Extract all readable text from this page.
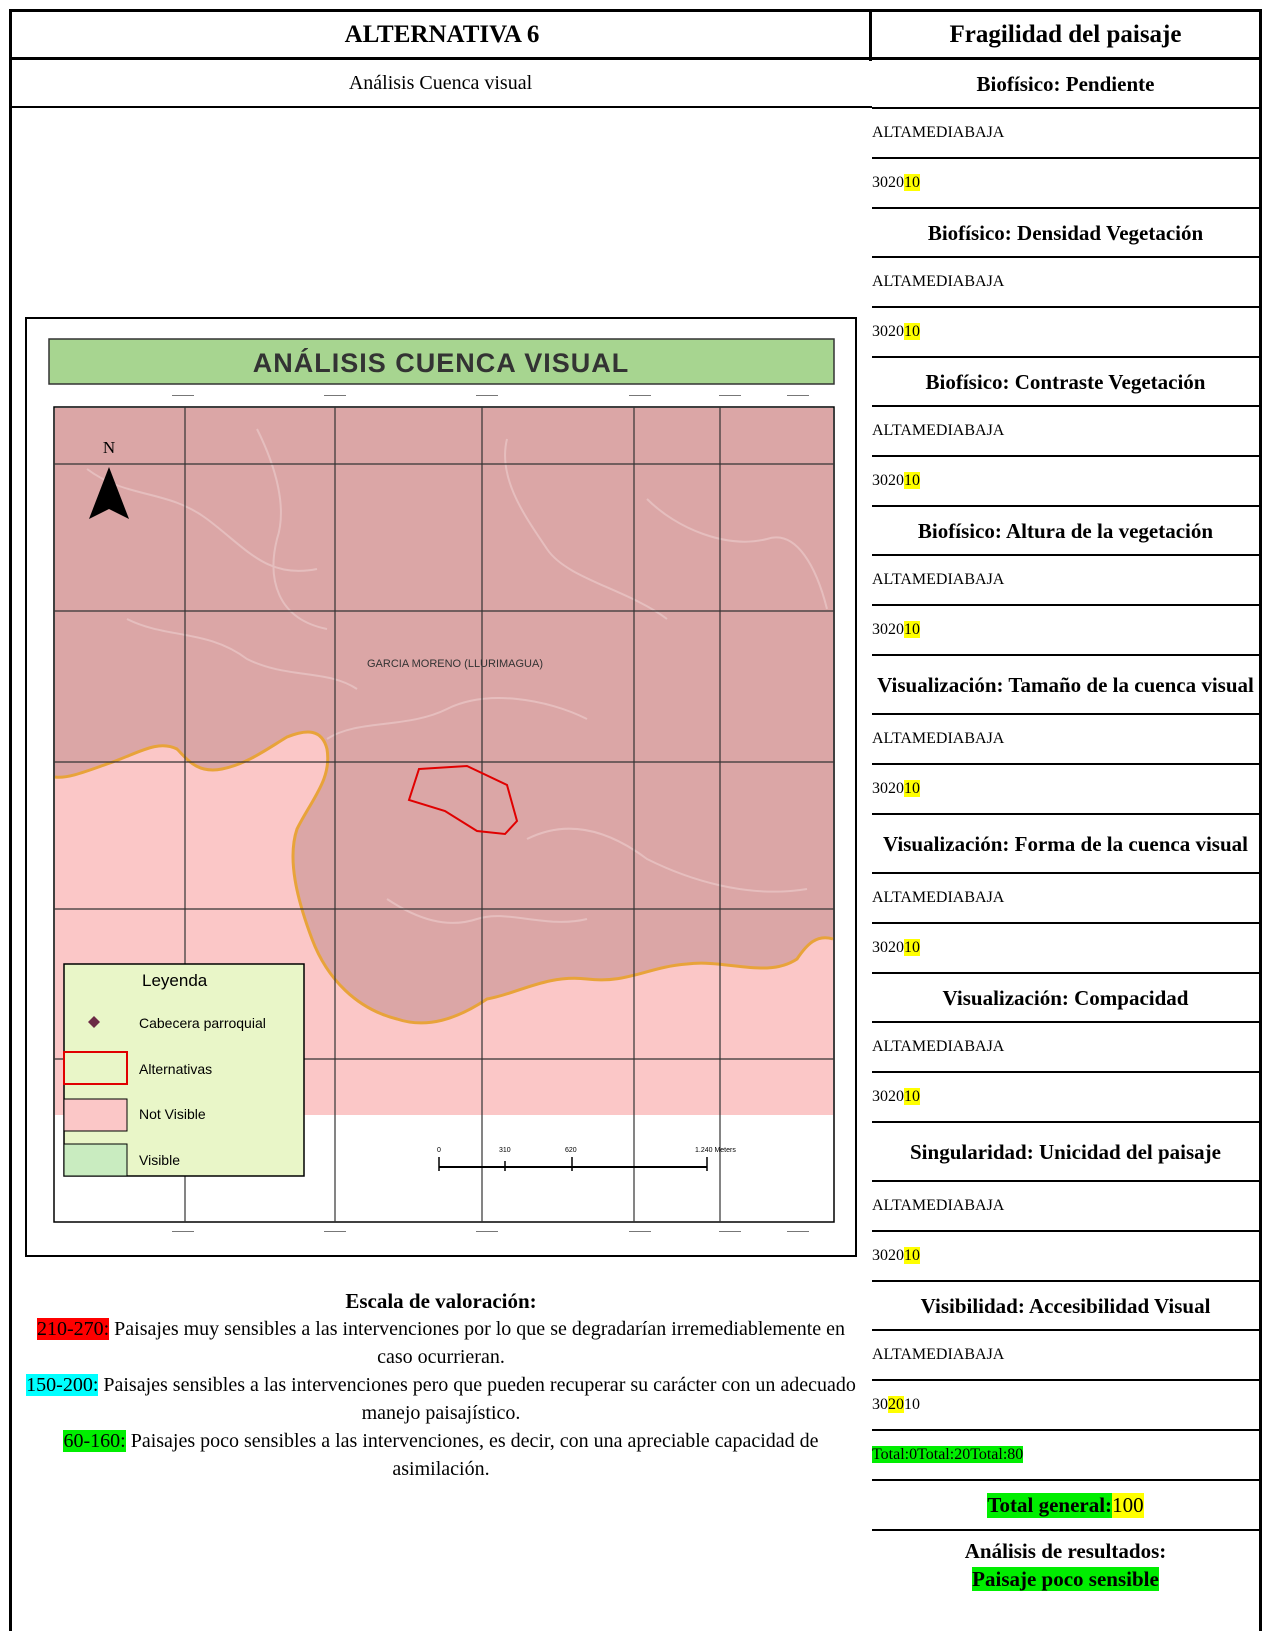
ALTERNATIVA 6	Fragilidad del paisaje
Análisis Cuenca visual	Biofísico: Pendiente
ALTA MEDIA BAJA
30 20 10
Biofísico: Densidad Vegetación
ALTA MEDIA BAJA
30 20 10
Biofísico: Contraste Vegetación
ALTA MEDIA BAJA
30 20 10
Biofísico: Altura de la vegetación
ALTA MEDIA BAJA
30 20 10
Visualización: Tamaño de la cuenca visual
ALTA MEDIA BAJA
30 20 10
Visualización: Forma de la cuenca visual
ALTA MEDIA BAJA
30 20 10
Visualización: Compacidad
ALTA MEDIA BAJA
30 20 10
Singularidad: Unicidad del paisaje
ALTA MEDIA BAJA
30 20 10
Visibilidad: Accesibilidad Visual
ALTA MEDIA BAJA
30 20 10
Total:0 Total:20 Total:80
Total general: 100
Análisis de resultados:
Paisaje poco sensible
ANÁLISIS CUENCA VISUAL
GARCIA MORENO (LLURIMAGUA)
N
Leyenda
Cabecera parroquial
Alternativas
Not Visible
Visible
0	310	620	1.240 Meters
Escala de valoración:
210-270: Paisajes muy sensibles a las intervenciones por lo que se degradarían irremediablemente en caso ocurrieran.
150-200: Paisajes sensibles a las intervenciones pero que pueden recuperar su carácter con un adecuado manejo paisajístico.
60-160: Paisajes poco sensibles a las intervenciones, es decir, con una apreciable capacidad de asimilación.
